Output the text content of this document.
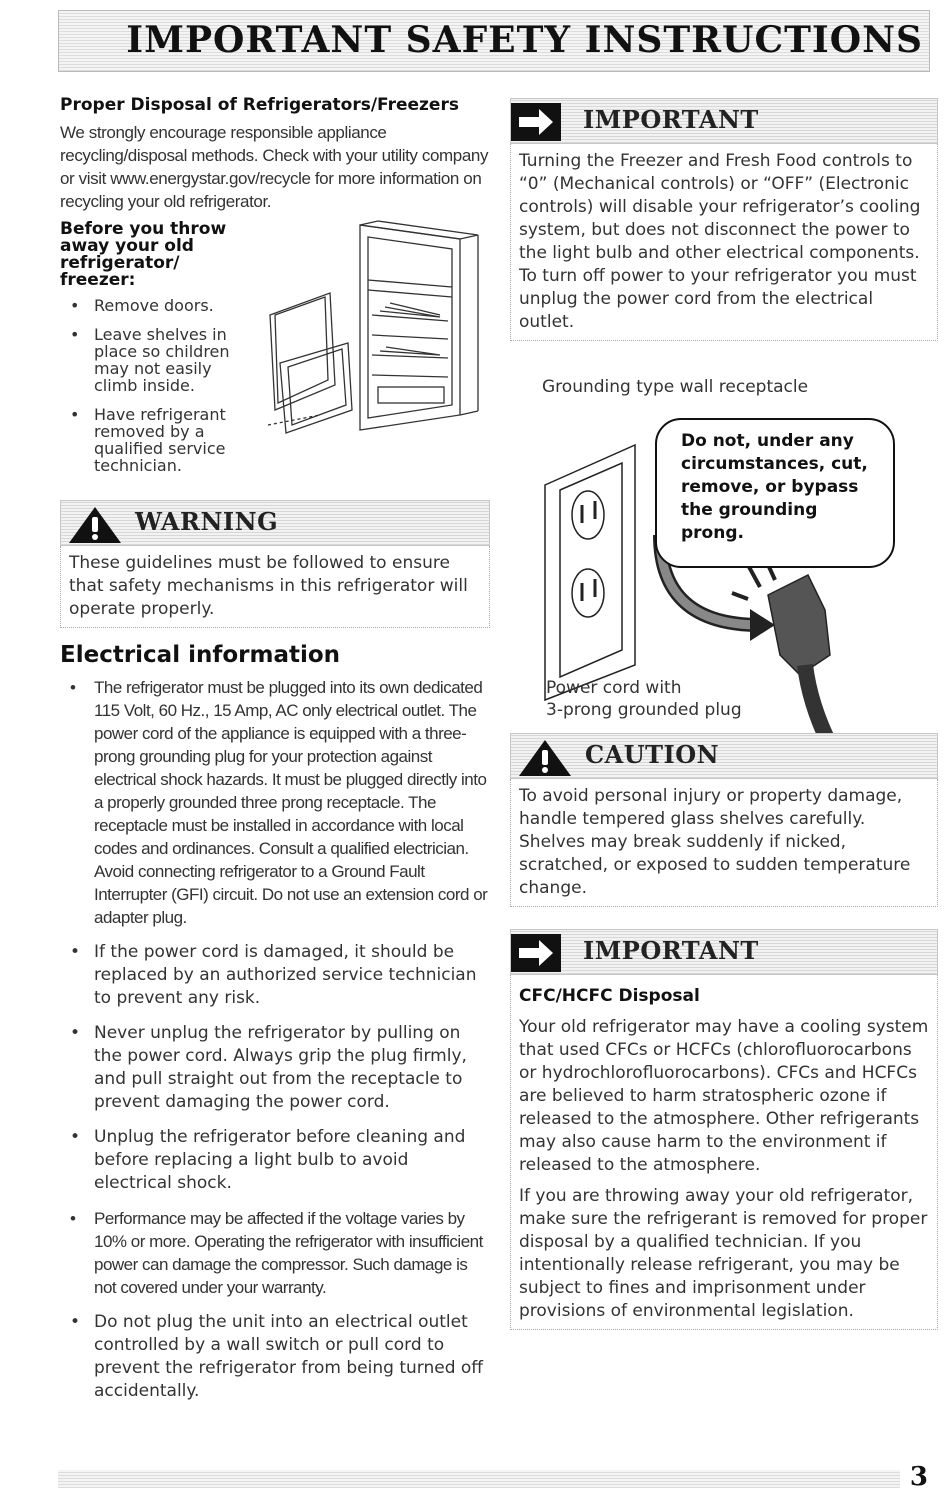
IMPORTANT SAFETY INSTRUCTIONS
Proper Disposal of Refrigerators/Freezers

We strongly encourage responsible appliance recycling/disposal methods. Check with your utility company or visit www.energystar.gov/recycle for more information on recycling your old refrigerator.

Before you throw away your old refrigerator/ freezer:
• Remove doors.
• Leave shelves in place so children may not easily climb inside.
• Have refrigerant removed by a qualified service technician.
WARNING
These guidelines must be followed to ensure that safety mechanisms in this refrigerator will operate properly.
Electrical information
• The refrigerator must be plugged into its own dedicated 115 Volt, 60 Hz., 15 Amp, AC only electrical outlet. The power cord of the appliance is equipped with a three-prong grounding plug for your protection against electrical shock hazards. It must be plugged directly into a properly grounded three prong receptacle. The receptacle must be installed in accordance with local codes and ordinances. Consult a qualified electrician. Avoid connecting refrigerator to a Ground Fault Interrupter (GFI) circuit. Do not use an extension cord or adapter plug.
• If the power cord is damaged, it should be replaced by an authorized service technician to prevent any risk.
• Never unplug the refrigerator by pulling on the power cord. Always grip the plug firmly, and pull straight out from the receptacle to prevent damaging the power cord.
• Unplug the refrigerator before cleaning and before replacing a light bulb to avoid electrical shock.
• Performance may be affected if the voltage varies by 10% or more. Operating the refrigerator with insufficient power can damage the compressor. Such damage is not covered under your warranty.
• Do not plug the unit into an electrical outlet controlled by a wall switch or pull cord to prevent the refrigerator from being turned off accidentally.
IMPORTANT
Turning the Freezer and Fresh Food controls to “0” (Mechanical controls) or “OFF” (Electronic controls) will disable your refrigerator’s cooling system, but does not disconnect the power to the light bulb and other electrical components. To turn off power to your refrigerator you must unplug the power cord from the electrical outlet.
Grounding type wall receptacle
Do not, under any circumstances, cut, remove, or bypass the grounding prong.
Power cord with
3-prong grounded plug
CAUTION
To avoid personal injury or property damage, handle tempered glass shelves carefully. Shelves may break suddenly if nicked, scratched, or exposed to sudden temperature change.
IMPORTANT
CFC/HCFC Disposal
Your old refrigerator may have a cooling system that used CFCs or HCFCs (chlorofluorocarbons or hydrochlorofluorocarbons). CFCs and HCFCs are believed to harm stratospheric ozone if released to the atmosphere. Other refrigerants may also cause harm to the environment if released to the atmosphere.
If you are throwing away your old refrigerator, make sure the refrigerant is removed for proper disposal by a qualified technician. If you intentionally release refrigerant, you may be subject to fines and imprisonment under provisions of environmental legislation.
3
